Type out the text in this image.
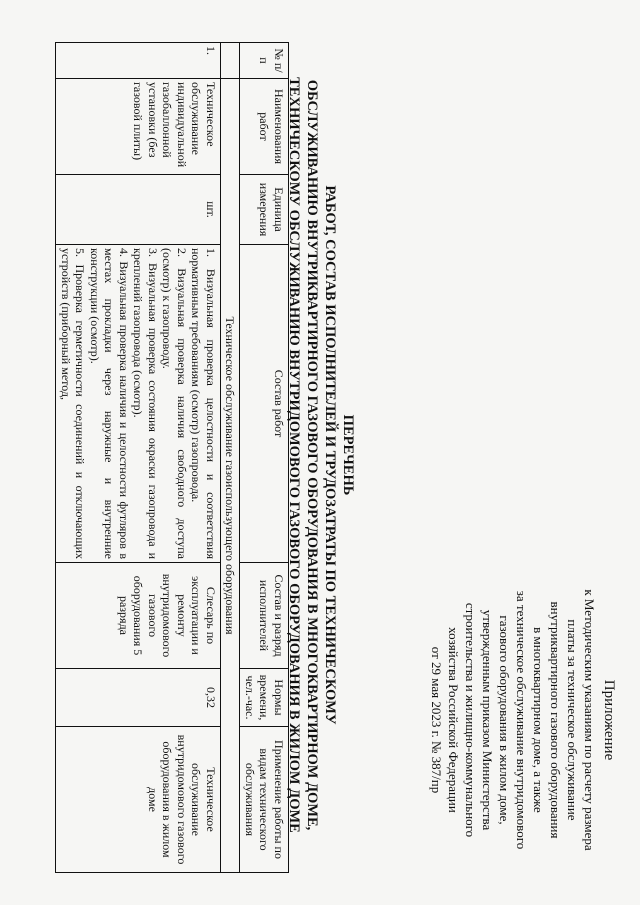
Приложение
к Методическим указаниям по расчету размера
платы за техническое обслуживание
внутриквартирного газового оборудования
в многоквартирном доме, а также
за техническое обслуживание внутридомового
газового оборудования в жилом доме,
утвержденным приказом Министерства
строительства и жилищно-коммунального
хозяйства Российской Федерации
от 29 мая 2023 г. № 387/пр
ПЕРЕЧЕНЬ
РАБОТ, СОСТАВ ИСПОЛНИТЕЛЕЙ И ТРУДОЗАТРАТЫ ПО ТЕХНИЧЕСКОМУ
ОБСЛУЖИВАНИЮ ВНУТРИКВАРТИРНОГО ГАЗОВОГО ОБОРУДОВАНИЯ В МНОГОКВАРТИРНОМ ДОМЕ,
ТЕХНИЧЕСКОМУ ОБСЛУЖИВАНИЮ ВНУТРИДОМОВОГО ГАЗОВОГО ОБОРУДОВАНИЯ В ЖИЛОМ ДОМЕ
№ п/п	Наименования работ	Единица измерения	Состав работ	Состав и разряд исполнителей	Нормы времени, чел.-час.	Применение работы по видам технического обслуживания
	Техническое обслуживание газоиспользующего оборудования					
1.	Техническое обслуживание индивидуальной газобаллонной установки (без газовой плиты)	шт.	1. Визуальная проверка целостности и соответствия нормативным требованиям (осмотр) газопровода.

2. Визуальная проверка наличия свободного доступа (осмотр) к газопроводу.

3. Визуальная проверка состояния окраски газопровода и креплений газопровода (осмотр).

4. Визуальная проверка наличия и целостности футляров в местах прокладки через наружные и внутренние конструкции (осмотр).

5. Проверка герметичности соединений и отключающих устройств (приборный метод,	Слесарь по эксплуатации и ремонту внутридомового газового оборудования 5 разряда	0,32	Техническое обслуживание внутридомового газового оборудования в жилом доме
